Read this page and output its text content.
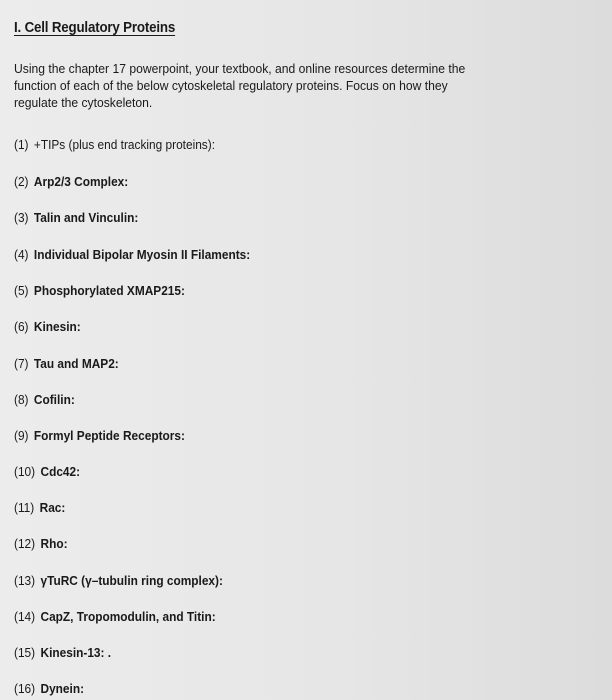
I. Cell Regulatory Proteins
Using the chapter 17 powerpoint, your textbook, and online resources determine the
function of each of the below cytoskeletal regulatory proteins. Focus on how they
regulate the cytoskeleton.
(1) +TIPs (plus end tracking proteins):
(2) Arp2/3 Complex:
(3) Talin and Vinculin:
(4) Individual Bipolar Myosin II Filaments:
(5) Phosphorylated XMAP215:
(6) Kinesin:
(7) Tau and MAP2:
(8) Cofilin:
(9) Formyl Peptide Receptors:
(10) Cdc42:
(11) Rac:
(12) Rho:
(13) γTuRC (γ–tubulin ring complex):
(14) CapZ, Tropomodulin, and Titin:
(15) Kinesin-13: .
(16) Dynein:
